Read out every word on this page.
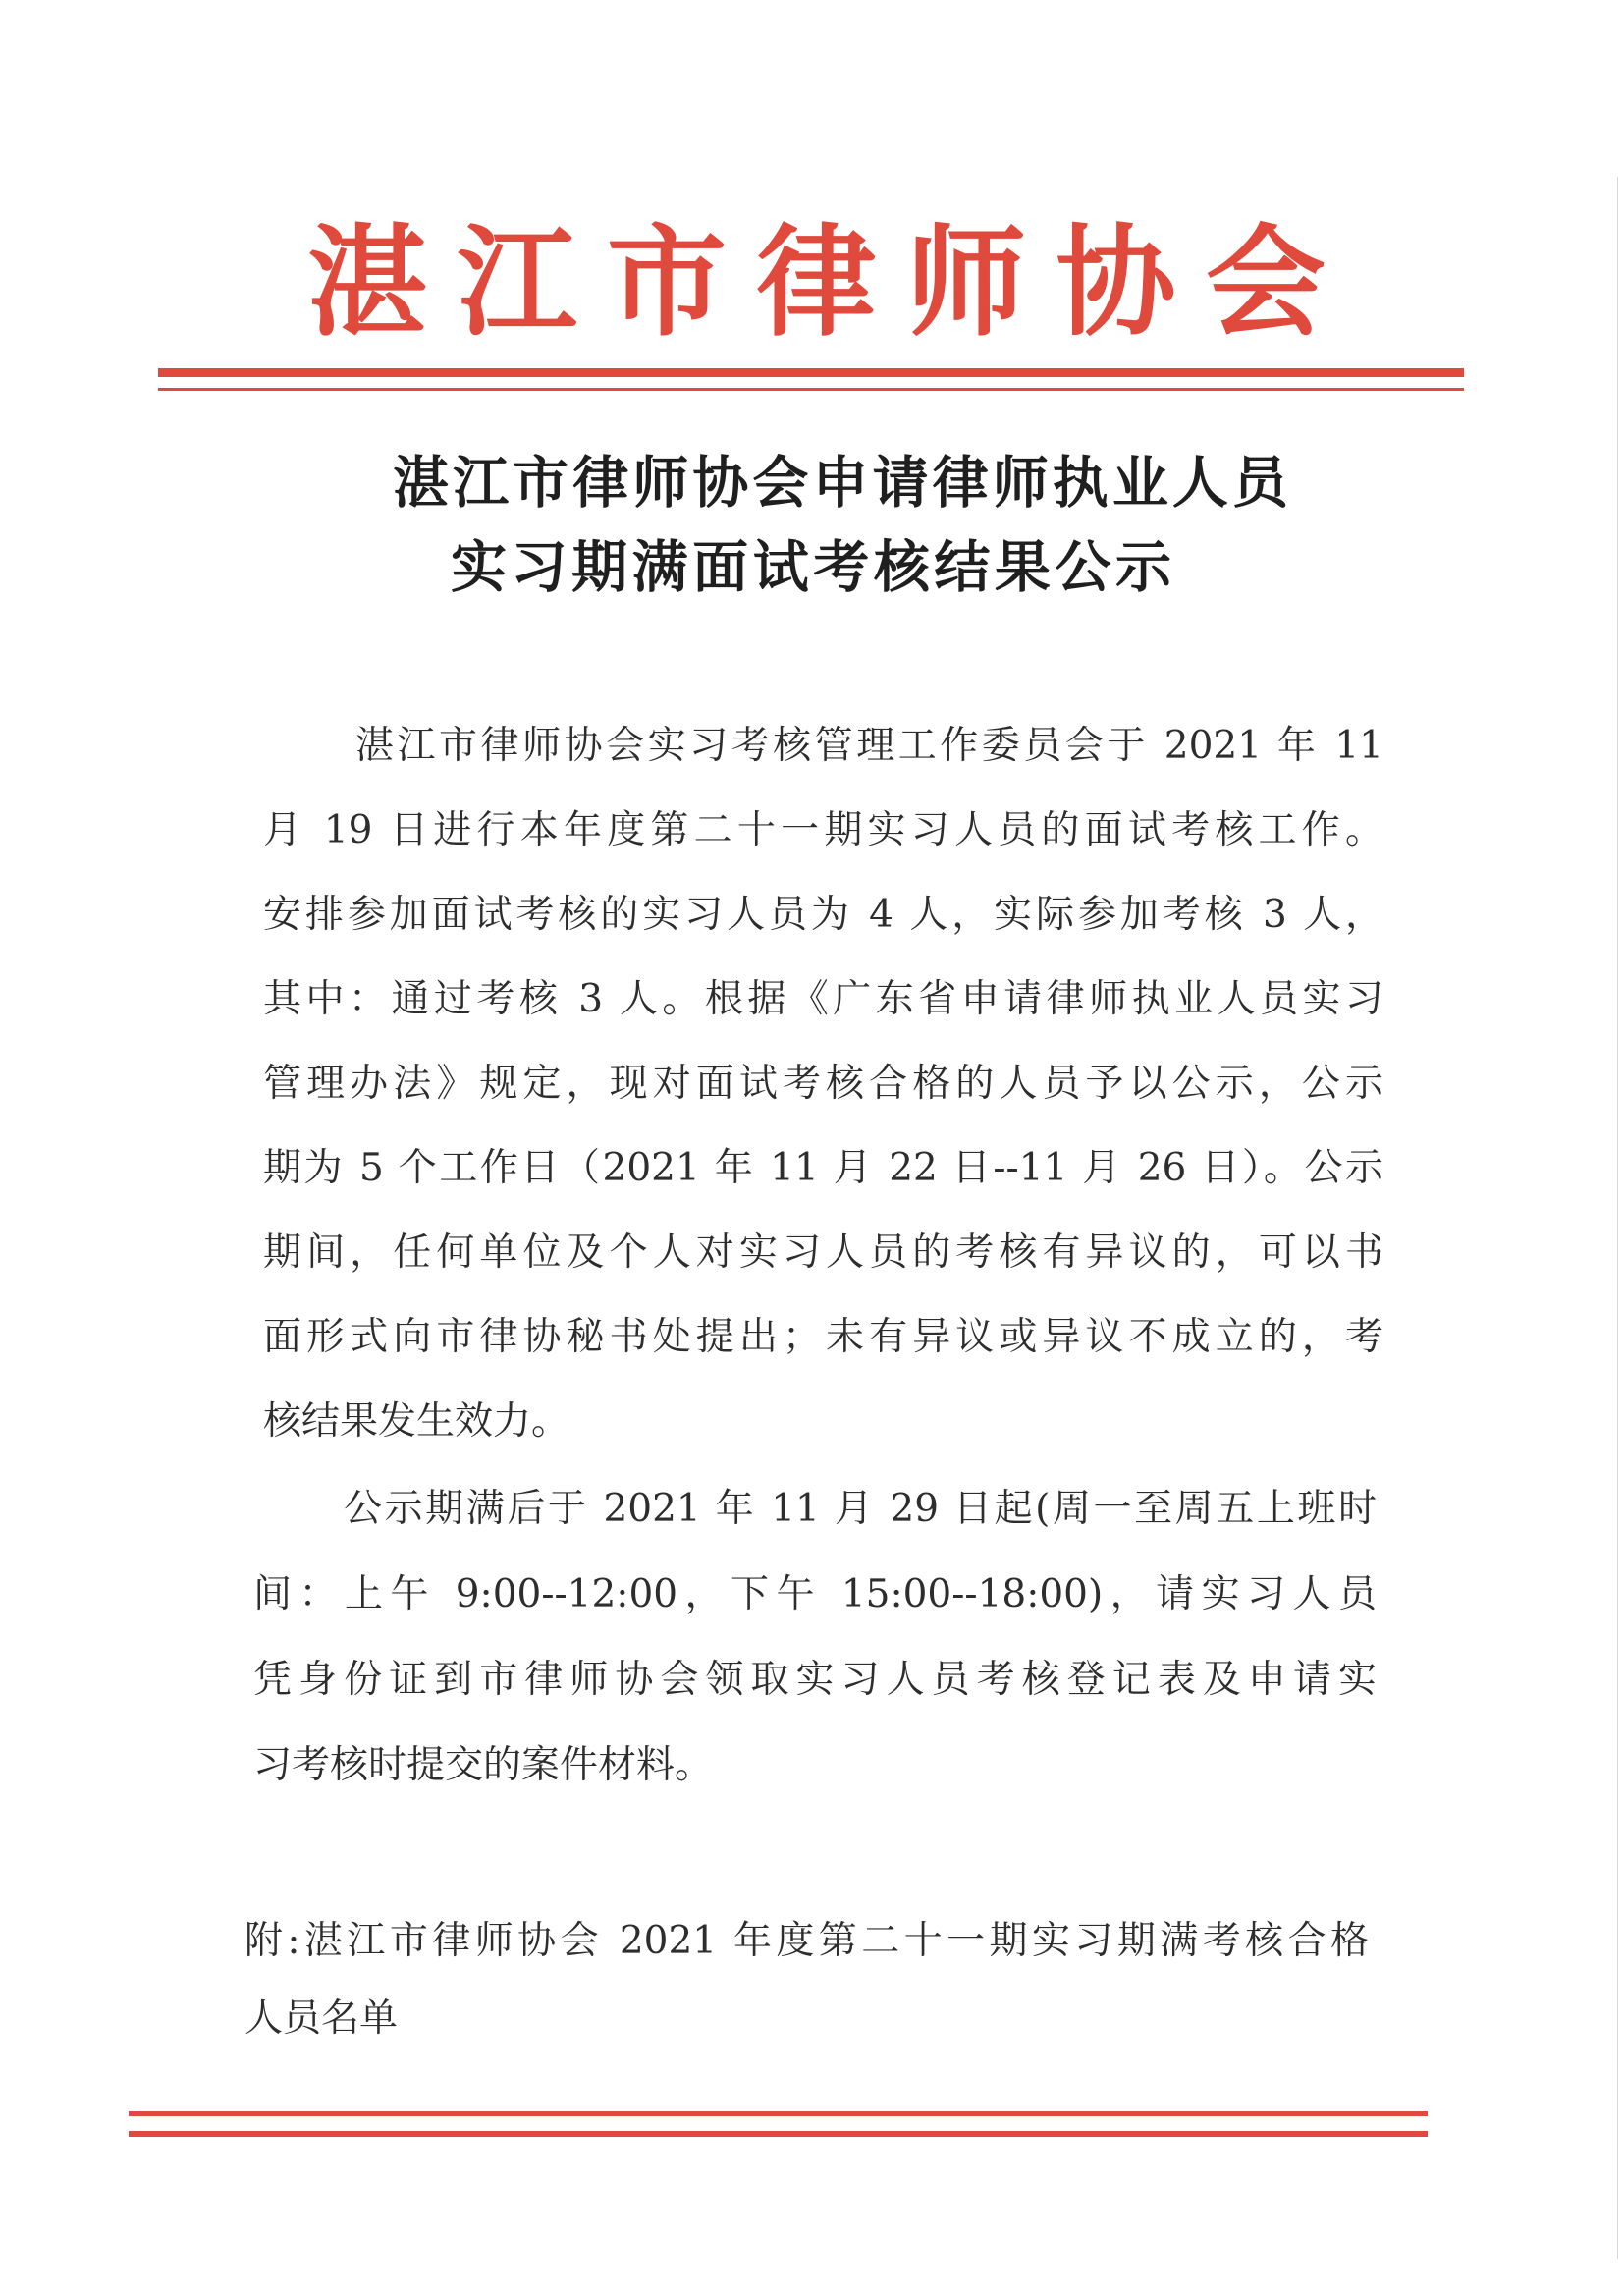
湛江市律师协会
湛江市律师协会申请律师执业人员
实习期满面试考核结果公示
湛江市律师协会实习考核管理工作委员会于 2021 年 11
月 19 日进行本年度第二十一期实习人员的面试考核工作。
安排参加面试考核的实习人员为 4 人，实际参加考核 3 人，
其中：通过考核 3 人。根据《广东省申请律师执业人员实习
管理办法》规定，现对面试考核合格的人员予以公示，公示
期为 5 个工作日（2021 年 11 月 22 日--11 月 26 日）。公示
期间，任何单位及个人对实习人员的考核有异议的，可以书
面形式向市律协秘书处提出；未有异议或异议不成立的，考
核结果发生效力。
公示期满后于 2021 年 11 月 29 日起(周一至周五上班时
间：上午 9:00--12:00，下午 15:00--18:00)，请实习人员
凭身份证到市律师协会领取实习人员考核登记表及申请实
习考核时提交的案件材料。
附:湛江市律师协会 2021 年度第二十一期实习期满考核合格
人员名单
